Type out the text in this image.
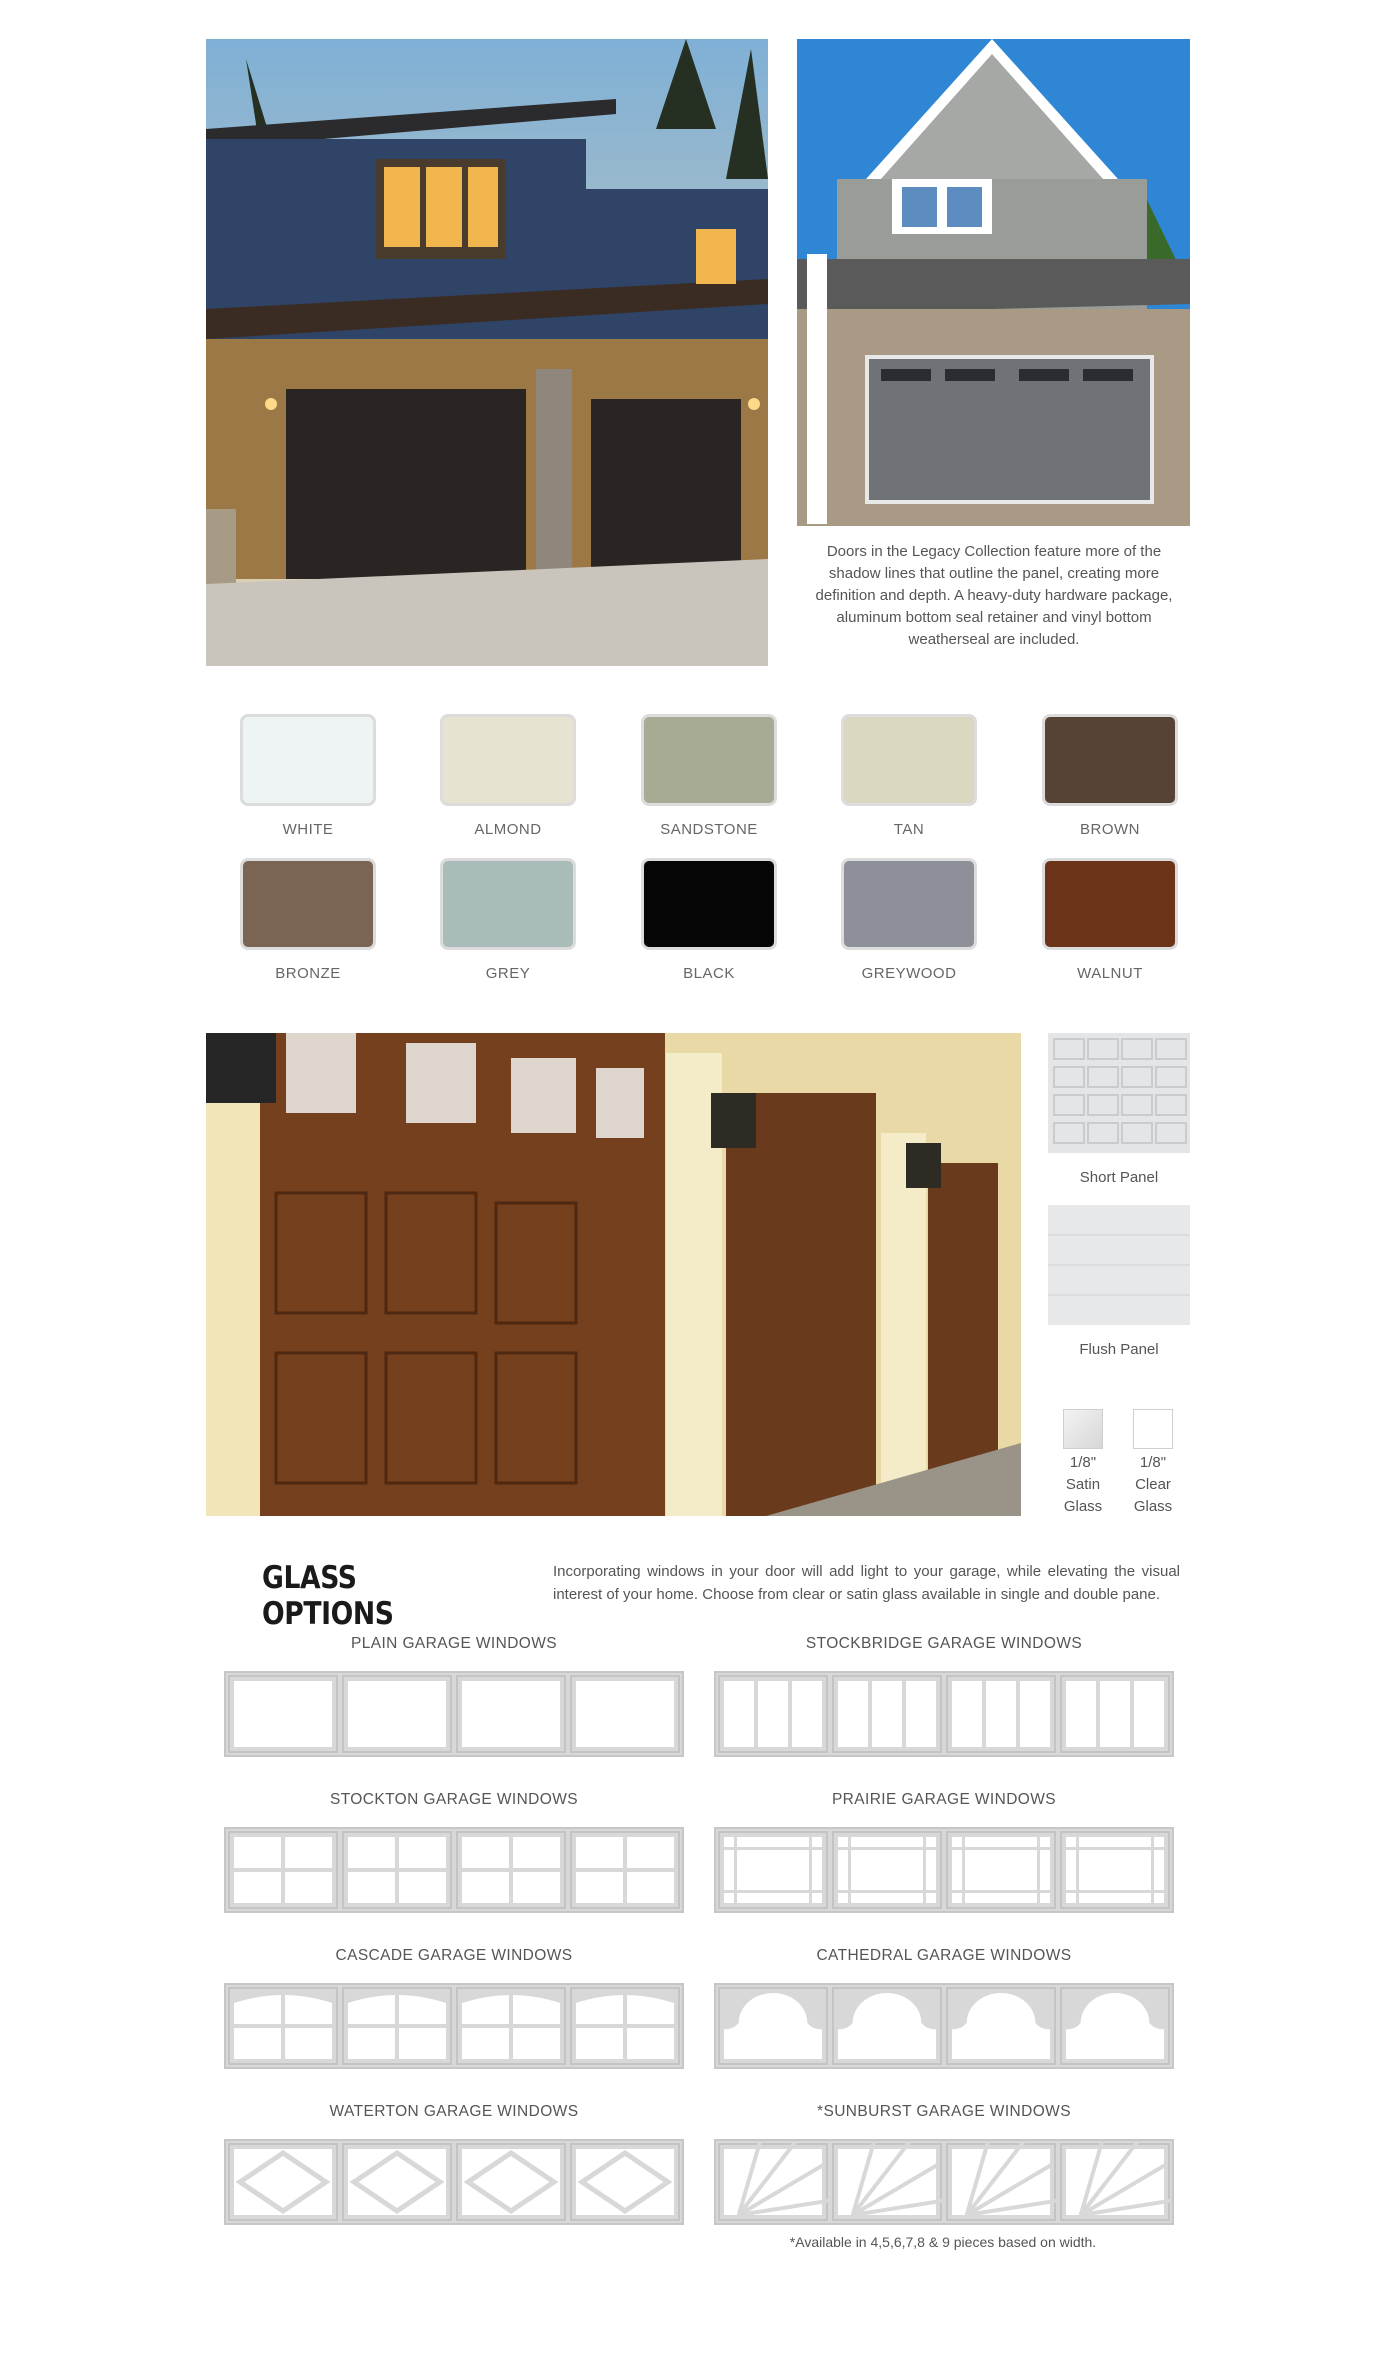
Doors in the Legacy Collection feature more of the shadow lines that outline the panel, creating more definition and depth. A heavy-duty hardware package, aluminum bottom seal retainer and vinyl bottom weatherseal are included.
WHITE	ALMOND	SANDSTONE	TAN	BROWN
BRONZE	GREY	BLACK	GREYWOOD	WALNUT
Short Panel
Flush Panel
1/8"
Satin
Glass
1/8"
Clear
Glass
GLASS OPTIONS
Incorporating windows in your door will add light to your garage, while elevating the visual interest of your home. Choose from clear or satin glass available in single and double pane.
PLAIN GARAGE WINDOWS	STOCKBRIDGE GARAGE WINDOWS
STOCKTON GARAGE WINDOWS	PRAIRIE GARAGE WINDOWS
CASCADE GARAGE WINDOWS	CATHEDRAL GARAGE WINDOWS
WATERTON GARAGE WINDOWS	*SUNBURST GARAGE WINDOWS
*Available in 4,5,6,7,8 & 9 pieces based on width.
